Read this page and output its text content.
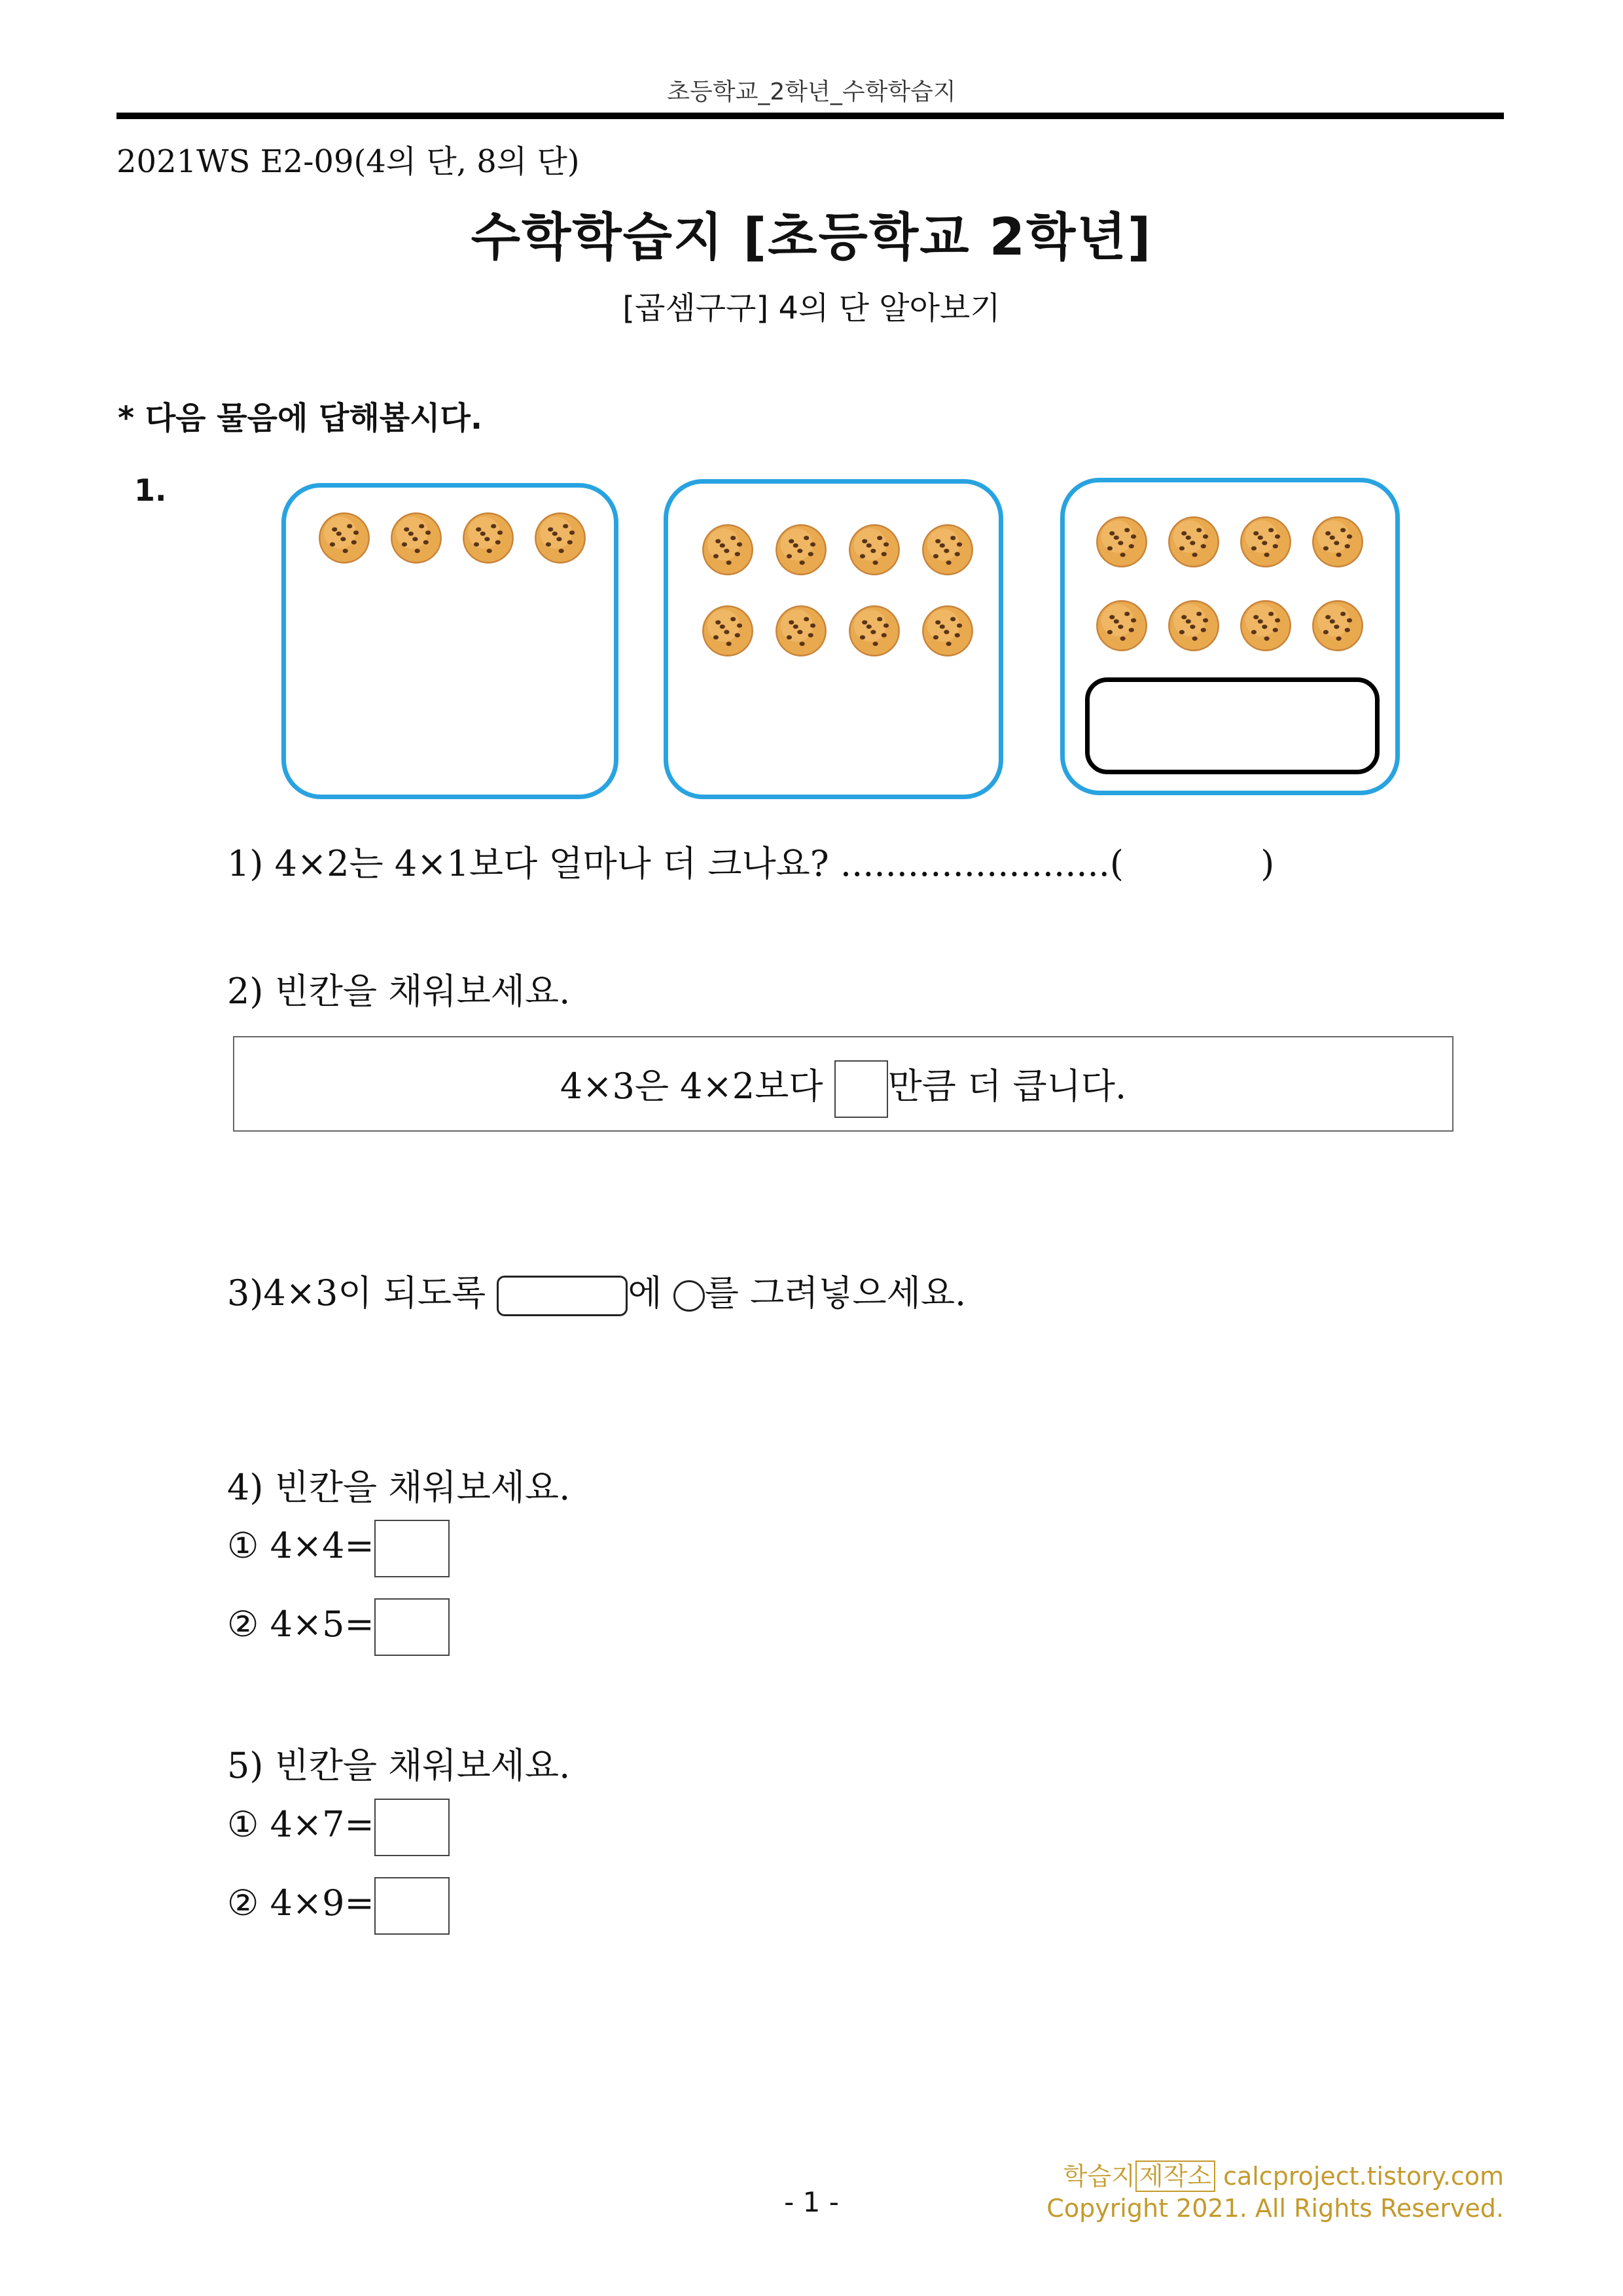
초등학교_2학년_수학학습지
2021WS E2-09(4의 단, 8의 단)
수학학습지 [초등학교 2학년]
[곱셈구구] 4의 단 알아보기
* 다음 물음에 답해봅시다.
1.
1) 4×2는 4×1보다 얼마나 더 크나요? ........................(	)
2) 빈칸을 채워보세요.
4×3은 4×2보다 만큼 더 큽니다.
3)4×3이 되도록	에 를 그려넣으세요.
4) 빈칸을 채워보세요.
① 4×4=
② 4×5=
5) 빈칸을 채워보세요.
① 4×7=
② 4×9=
학습지 제작소 calcproject.tistory.com
Copyright 2021. All Rights Reserved.
- 1 -
